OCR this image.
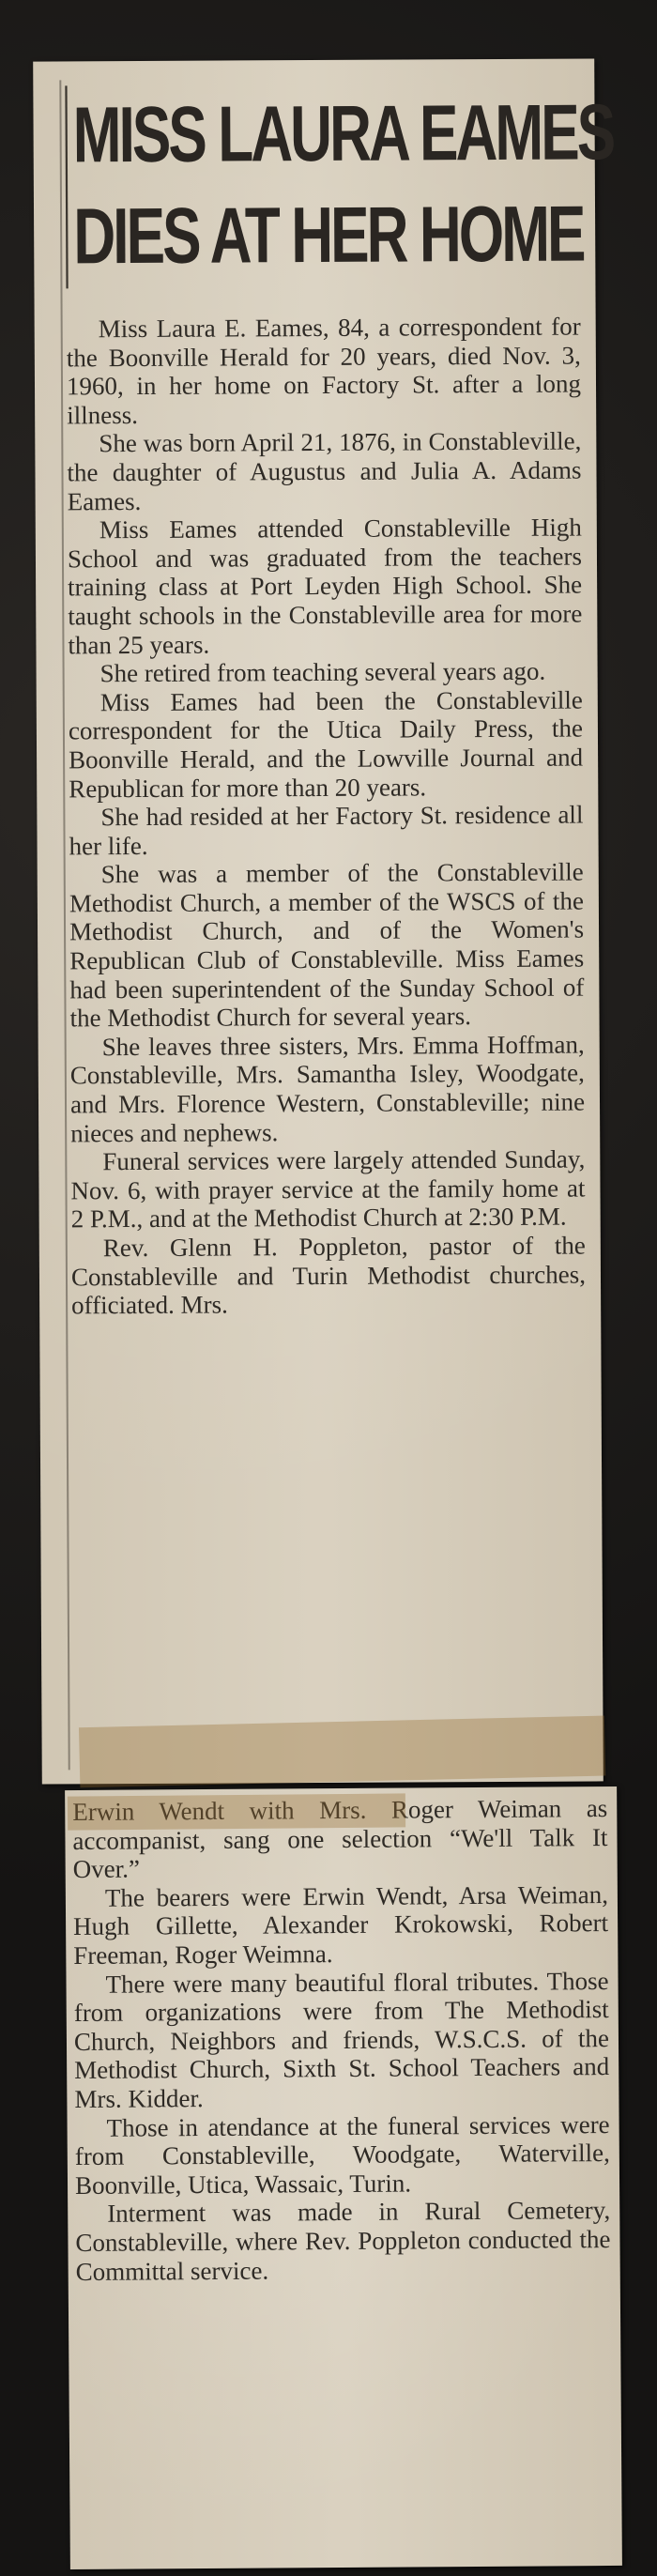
MISS LAURA EAMES
DIES AT HER HOME

Miss Laura E. Eames, 84, a correspondent for the Boonville Herald for 20 years, died Nov. 3, 1960, in her home on Factory St. after a long illness.

She was born April 21, 1876, in Constableville, the daughter of Augustus and Julia A. Adams Eames.

Miss Eames attended Constableville High School and was graduated from the teachers training class at Port Leyden High School. She taught schools in the Constableville area for more than 25 years.

She retired from teaching several years ago.

Miss Eames had been the Constableville correspondent for the Utica Daily Press, the Boonville Herald, and the Lowville Journal and Republican for more than 20 years.

She had resided at her Factory St. residence all her life.

She was a member of the Constableville Methodist Church, a member of the WSCS of the Methodist Church, and of the Women's Republican Club of Constableville. Miss Eames had been superintendent of the Sunday School of the Methodist Church for several years.

She leaves three sisters, Mrs. Emma Hoffman, Constableville, Mrs. Samantha Isley, Woodgate, and Mrs. Florence Western, Constableville; nine nieces and nephews.

Funeral services were largely attended Sunday, Nov. 6, with prayer service at the family home at 2 P.M., and at the Methodist Church at 2:30 P.M.

Rev. Glenn H. Poppleton, pastor of the Constableville and Turin Methodist churches, officiated. Mrs.

Erwin Wendt with Mrs. Roger Weiman as accompanist, sang one selection “We'll Talk It Over.”

The bearers were Erwin Wendt, Arsa Weiman, Hugh Gillette, Alexander Krokowski, Robert Freeman, Roger Weimna.

There were many beautiful floral tributes. Those from organizations were from The Methodist Church, Neighbors and friends, W.S.C.S. of the Methodist Church, Sixth St. School Teachers and Mrs. Kidder.

Those in atendance at the funeral services were from Constableville, Woodgate, Waterville, Boonville, Utica, Wassaic, Turin.

Interment was made in Rural Cemetery, Constableville, where Rev. Poppleton conducted the Committal service.
